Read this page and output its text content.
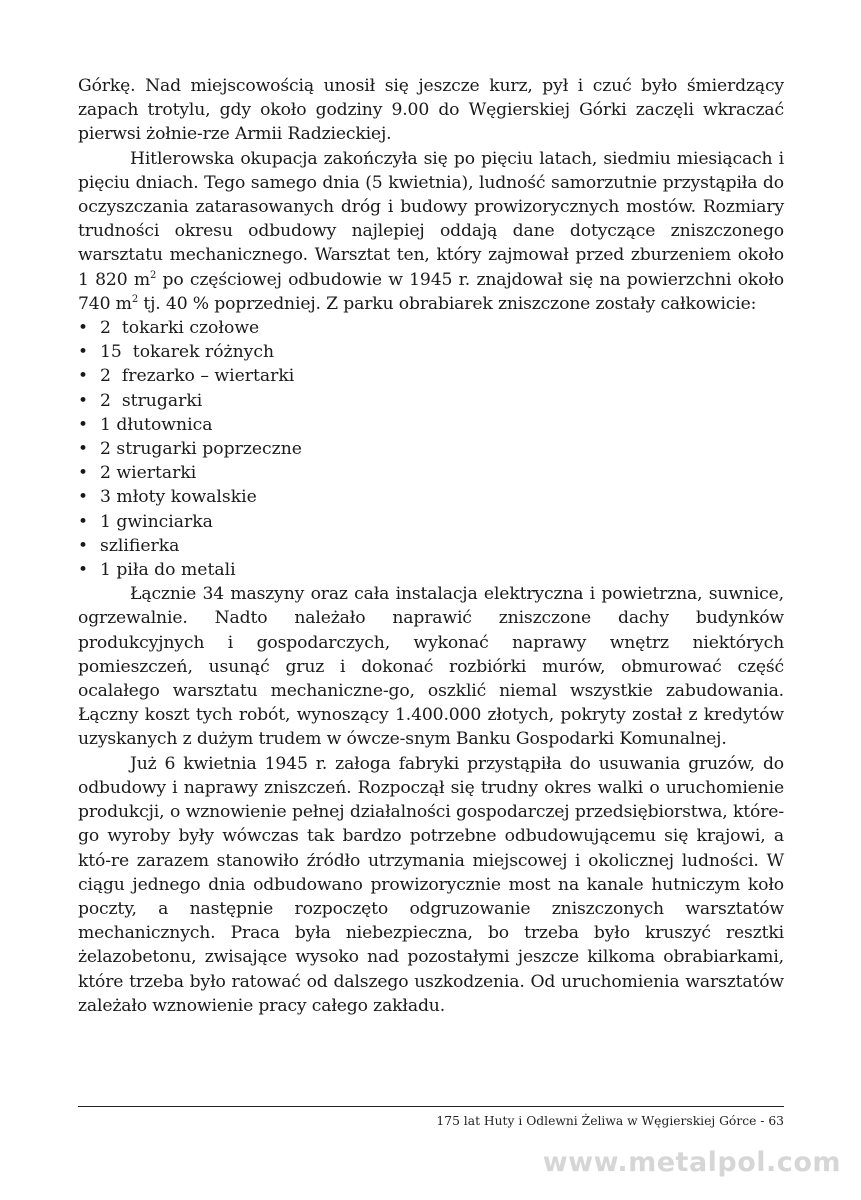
Górkę. Nad miejscowością unosił się jeszcze kurz, pył i czuć było śmierdzący zapach trotylu, gdy około godziny 9.00 do Węgierskiej Górki zaczęli wkraczać pierwsi żołnie-rze Armii Radzieckiej.

Hitlerowska okupacja zakończyła się po pięciu latach, siedmiu miesiącach i pięciu dniach. Tego samego dnia (5 kwietnia), ludność samorzutnie przystąpiła do oczyszczania zatarasowanych dróg i budowy prowizorycznych mostów. Rozmiary trudności okresu odbudowy najlepiej oddają dane dotyczące zniszczonego warsztatu mechanicznego. Warsztat ten, który zajmował przed zburzeniem około 1 820 $m^2$ po częściowej odbudowie w 1945 r. znajdował się na powierzchni około 740 $m^2$ tj. 40 % poprzedniej. Z parku obrabiarek zniszczone zostały całkowicie:

• 2  tokarki czołowe
• 15  tokarek różnych
• 2  frezarko – wiertarki
• 2  strugarki
• 1 dłutownica
• 2 strugarki poprzeczne
• 2 wiertarki
• 3 młoty kowalskie
• 1 gwinciarka
• szlifierka
• 1 piła do metali

Łącznie 34 maszyny oraz cała instalacja elektryczna i powietrzna, suwnice, ogrzewalnie. Nadto należało naprawić zniszczone dachy budynków produkcyjnych i gospodarczych, wykonać naprawy wnętrz niektórych pomieszczeń, usunąć gruz i dokonać rozbiórki murów, obmurować część ocalałego warsztatu mechaniczne-go, oszklić niemal wszystkie zabudowania. Łączny koszt tych robót, wynoszący 1.400.000 złotych, pokryty został z kredytów uzyskanych z dużym trudem w ówcze-snym Banku Gospodarki Komunalnej.

Już 6 kwietnia 1945 r. załoga fabryki przystąpiła do usuwania gruzów, do odbudowy i naprawy zniszczeń. Rozpoczął się trudny okres walki o uruchomienie produkcji, o wznowienie pełnej działalności gospodarczej przedsiębiorstwa, które-go wyroby były wówczas tak bardzo potrzebne odbudowującemu się krajowi, a któ-re zarazem stanowiło źródło utrzymania miejscowej i okolicznej ludności. W ciągu jednego dnia odbudowano prowizorycznie most na kanale hutniczym koło poczty, a następnie rozpoczęto odgruzowanie zniszczonych warsztatów mechanicznych. Praca była niebezpieczna, bo trzeba było kruszyć resztki żelazobetonu, zwisające wysoko nad pozostałymi jeszcze kilkoma obrabiarkami, które trzeba było ratować od dalszego uszkodzenia. Od uruchomienia warsztatów zależało wznowienie pracy całego zakładu.

175 lat Huty i Odlewni Żeliwa w Węgierskiej Górce - 63
www.metalpol.com
